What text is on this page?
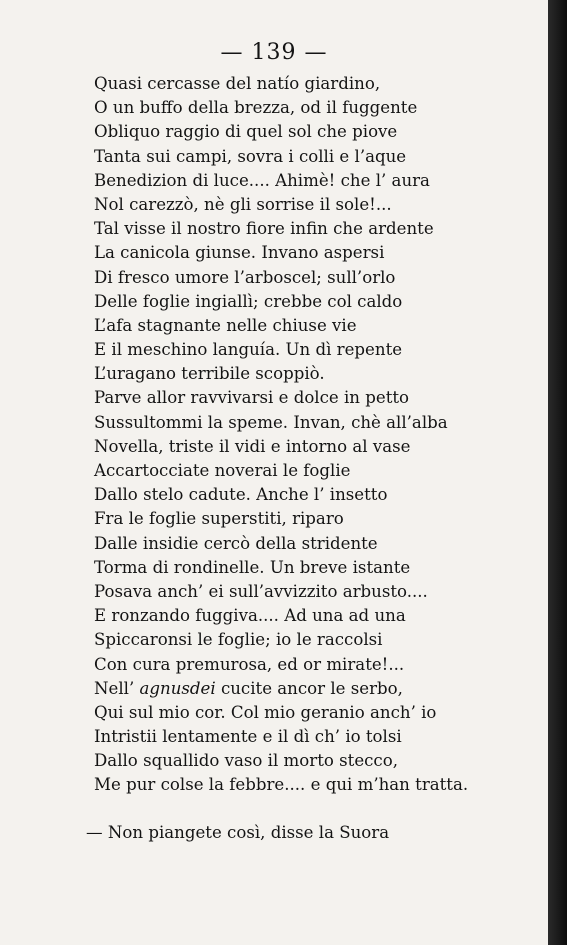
— 139 —
Quasi cercasse del natío giardino,
O un buffo della brezza, od il fuggente
Obliquo raggio di quel sol che piove
Tanta sui campi, sovra i colli e l’aque
Benedizion di luce.... Ahimè! che l’ aura
Nol carezzò, nè gli sorrise il sole!...
Tal visse il nostro fiore infin che ardente
La canicola giunse. Invano aspersi
Di fresco umore l’arboscel; sull’orlo
Delle foglie ingiallì; crebbe col caldo
L’afa stagnante nelle chiuse vie
E il meschino languía. Un dì repente
L’uragano terribile scoppiò.
Parve allor ravvivarsi e dolce in petto
Sussultommi la speme. Invan, chè all’alba
Novella, triste il vidi e intorno al vase
Accartocciate noverai le foglie
Dallo stelo cadute. Anche l’ insetto
Fra le foglie superstiti, riparo
Dalle insidie cercò della stridente
Torma di rondinelle. Un breve istante
Posava anch’ ei sull’avvizzito arbusto....
E ronzando fuggiva.... Ad una ad una
Spiccaronsi le foglie; io le raccolsi
Con cura premurosa, ed or mirate!...
Nell’ agnusdei cucite ancor le serbo,
Qui sul mio cor. Col mio geranio anch’ io
Intristii lentamente e il dì ch’ io tolsi
Dallo squallido vaso il morto stecco,
Me pur colse la febbre.... e qui m’han tratta.
— Non piangete così, disse la Suora
